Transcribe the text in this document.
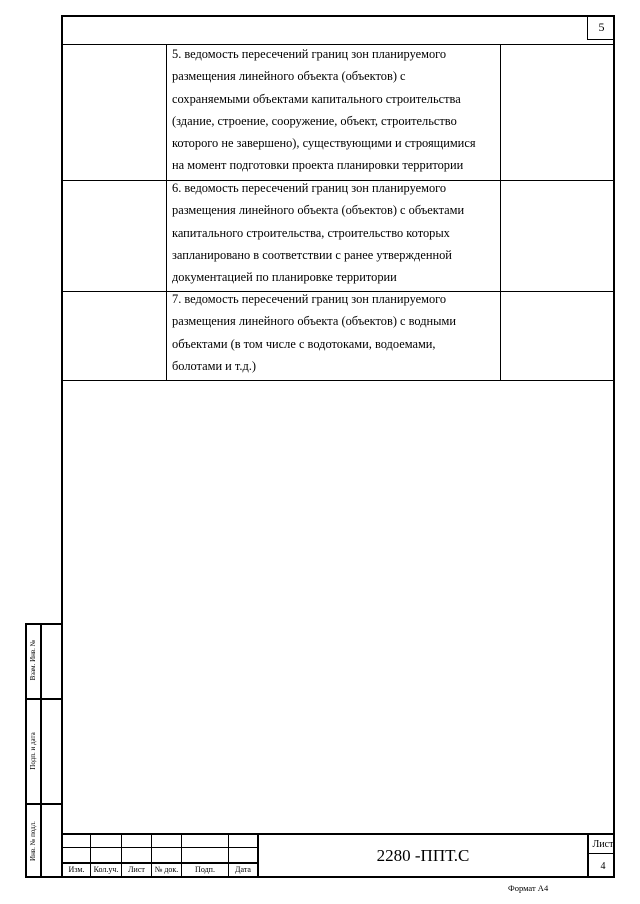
5
5. ведомость пересечений границ зон планируемого
размещения линейного объекта (объектов) с
сохраняемыми объектами капитального строительства
(здание, строение, сооружение, объект, строительство
которого не завершено), существующими и строящимися
на момент подготовки проекта планировки территории
6. ведомость пересечений границ зон планируемого
размещения линейного объекта (объектов) с объектами
капитального строительства, строительство которых
запланировано в соответствии с ранее утвержденной
документацией по планировке территории
7. ведомость пересечений границ зон планируемого
размещения линейного объекта (объектов) с водными
объектами (в том числе с водотоками, водоемами,
болотами и т.д.)
Взам. Инв. №
Подп. и дата
Инв. № подл.
Изм.	Кол.уч.	Лист	№ док.	Подп.	Дата
2280 -ППТ.С
Лист
4
Формат А4
